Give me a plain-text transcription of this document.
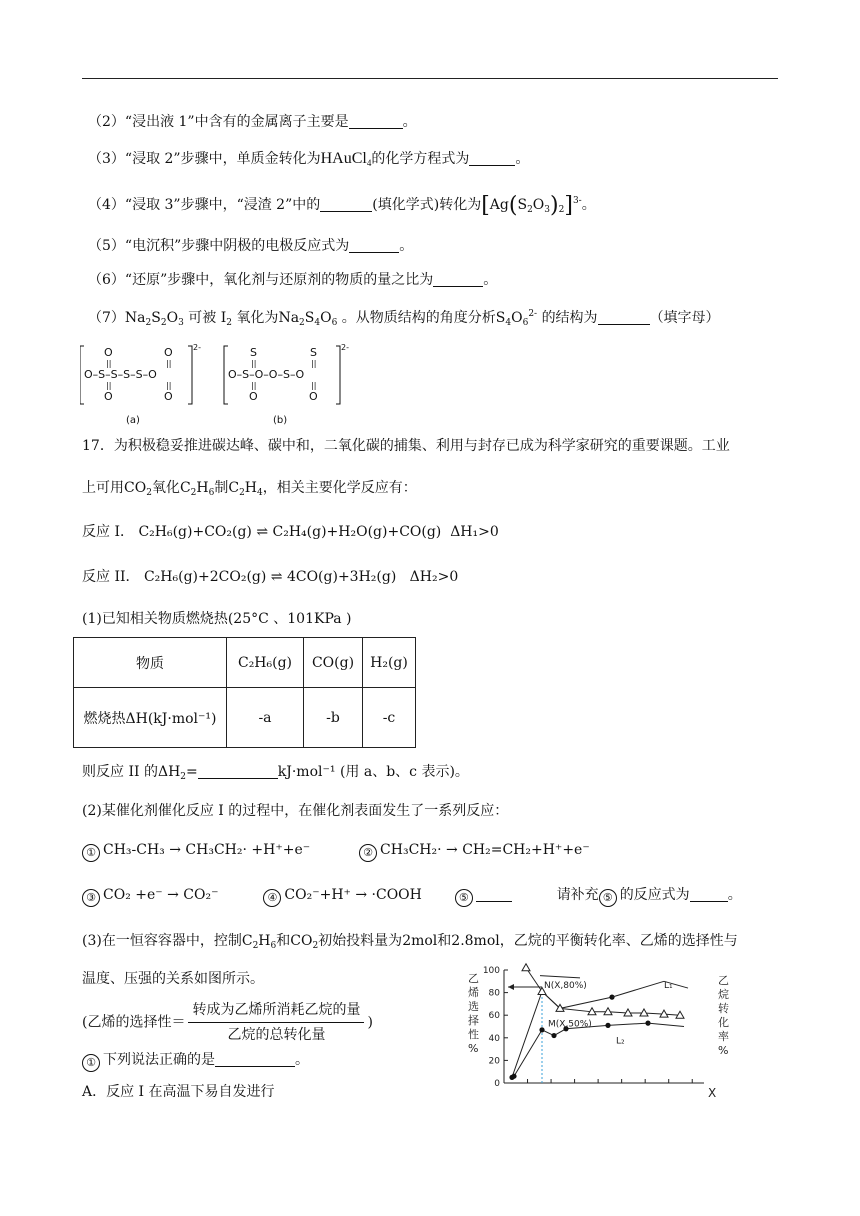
（2）“浸出液 1”中含有的金属离子主要是	。
（3）“浸取 2”步骤中，单质金转化为HAuCl$_4$的化学方程式为	。
（4）“浸取 3”步骤中，“浸渣 2”中的	(填化学式)转化为$[Ag(S_2O_3)_2]^{3-}$。
（5）“电沉积”步骤中阴极的电极反应式为	。
（6）“还原”步骤中，氧化剂与还原剂的物质的量之比为	。
$(7)Na_2S_2O_3$ 可被 $I_2$ 氧化为$Na_2S_4O_6$ 。从物质结构的角度分析$S_4O_6^{2-}$ 的结构为	（填字母）
2-
O	O
||	||
O–S–S–S–S–O
||	||
O	O
(a)
2-
S	S
||	||
O–S–O–O–S–O
||	||
O	O
(b)
17．为积极稳妥推进碳达峰、碳中和，二氧化碳的捕集、利用与封存已成为科学家研究的重要课题。工业
上可用$CO_2$氧化$C_2H_6$制$C_2H_4$，相关主要化学反应有：
反应 I． C₂H₆(g)+CO₂(g) ⇌ C₂H₄(g)+H₂O(g)+CO(g) ΔH₁>0
反应 II． C₂H₆(g)+2CO₂(g) ⇌ 4CO(g)+3H₂(g) ΔH₂>0
(1)已知相关物质燃烧热(25°C 、101KPa )
物质	C₂H₆(g)	CO(g)	H₂(g)
燃烧热ΔH(kJ·mol⁻¹)	-a	-b	-c
则反应 II 的$\Delta H_2=$	kJ·mol⁻¹ (用 a、b、c 表示)。
(2)某催化剂催化反应 I 的过程中，在催化剂表面发生了一系列反应：
① CH₃-CH₃ → CH₃CH₂· +H⁺+e⁻	② CH₃CH₂· → CH₂=CH₂+H⁺+e⁻
③ CO₂ +e⁻ → CO₂⁻	④ CO₂⁻+H⁺ → ·COOH	⑤	请补充 ⑤ 的反应式为	。
(3)在一恒容容器中，控制$C_2H_6$和$CO_2$初始投料量为2mol和2.8mol，乙烷的平衡转化率、乙烯的选择性与
温度、压强的关系如图所示。
(乙烯的选择性＝ $\frac{\text{转成为乙烯所消耗乙烷的量}}{\text{乙烷的总转化量}}$ )
① 下列说法正确的是	。
A．反应 I 在高温下易自发进行	0
20
40
60
80
100
X
乙
烯
选
择
性
%
乙
烷
转
化
率
%
N(X,80%)
M(X,50%)
L₁
L₂
